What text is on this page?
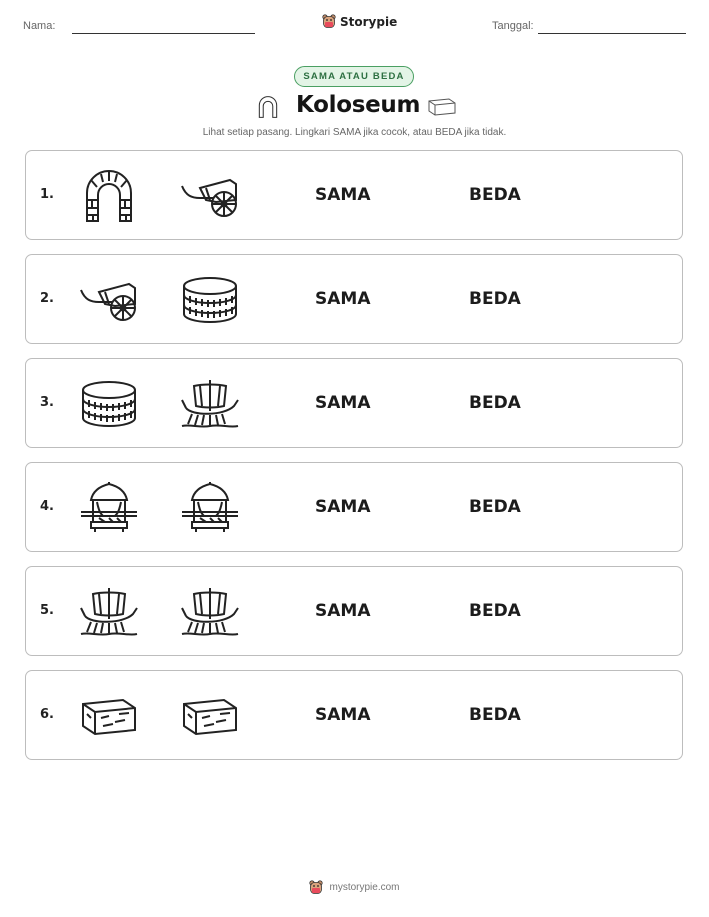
Nama:	Storypie	Tanggal:
SAMA ATAU BEDA
Koloseum
Lihat setiap pasang. Lingkari SAMA jika cocok, atau BEDA jika tidak.
1.	SAMA	BEDA
2.	SAMA	BEDA
3.	SAMA	BEDA
4.	SAMA	BEDA
5.	SAMA	BEDA
6.	SAMA	BEDA
mystorypie.com
